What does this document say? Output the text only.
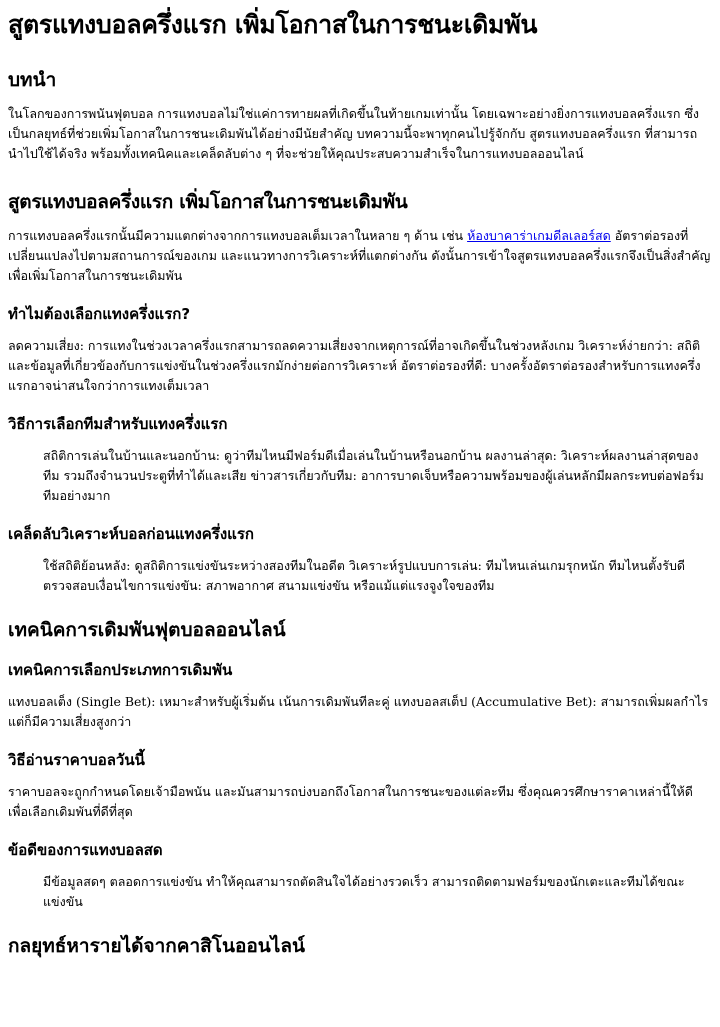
สูตรแทงบอลครึ่งแรก เพิ่มโอกาสในการชนะเดิมพัน
บทนำ

ในโลกของการพนันฟุตบอล การแทงบอลไม่ใช่แค่การทายผลที่เกิดขึ้นในท้ายเกมเท่านั้น โดยเฉพาะอย่างยิ่งการแทงบอลครึ่งแรก ซึ่งเป็นกลยุทธ์ที่ช่วยเพิ่มโอกาสในการชนะเดิมพันได้อย่างมีนัยสำคัญ บทความนี้จะพาทุกคนไปรู้จักกับ สูตรแทงบอลครึ่งแรก ที่สามารถนำไปใช้ได้จริง พร้อมทั้งเทคนิคและเคล็ดลับต่าง ๆ ที่จะช่วยให้คุณประสบความสำเร็จในการแทงบอลออนไลน์

สูตรแทงบอลครึ่งแรก เพิ่มโอกาสในการชนะเดิมพัน

การแทงบอลครึ่งแรกนั้นมีความแตกต่างจากการแทงบอลเต็มเวลาในหลาย ๆ ด้าน เช่น ห้องบาคาร่าเกมดีลเลอร์สด อัตราต่อรองที่เปลี่ยนแปลงไปตามสถานการณ์ของเกม และแนวทางการวิเคราะห์ที่แตกต่างกัน ดังนั้นการเข้าใจสูตรแทงบอลครึ่งแรกจึงเป็นสิ่งสำคัญ เพื่อเพิ่มโอกาสในการชนะเดิมพัน

ทำไมต้องเลือกแทงครึ่งแรก?

ลดความเสี่ยง: การแทงในช่วงเวลาครึ่งแรกสามารถลดความเสี่ยงจากเหตุการณ์ที่อาจเกิดขึ้นในช่วงหลังเกม วิเคราะห์ง่ายกว่า: สถิติและข้อมูลที่เกี่ยวข้องกับการแข่งขันในช่วงครึ่งแรกมักง่ายต่อการวิเคราะห์ อัตราต่อรองที่ดี: บางครั้งอัตราต่อรองสำหรับการแทงครึ่งแรกอาจน่าสนใจกว่าการแทงเต็มเวลา

วิธีการเลือกทีมสำหรับแทงครึ่งแรก
สถิติการเล่นในบ้านและนอกบ้าน: ดูว่าทีมไหนมีฟอร์มดีเมื่อเล่นในบ้านหรือนอกบ้าน ผลงานล่าสุด: วิเคราะห์ผลงานล่าสุดของทีม รวมถึงจำนวนประตูที่ทำได้และเสีย ข่าวสารเกี่ยวกับทีม: อาการบาดเจ็บหรือความพร้อมของผู้เล่นหลักมีผลกระทบต่อฟอร์มทีมอย่างมาก
เคล็ดลับวิเคราะห์บอลก่อนแทงครึ่งแรก
ใช้สถิติย้อนหลัง: ดูสถิติการแข่งขันระหว่างสองทีมในอดีต วิเคราะห์รูปแบบการเล่น: ทีมไหนเล่นเกมรุกหนัก ทีมไหนตั้งรับดี ตรวจสอบเงื่อนไขการแข่งขัน: สภาพอากาศ สนามแข่งขัน หรือแม้แต่แรงจูงใจของทีม
เทคนิคการเดิมพันฟุตบอลออนไลน์
เทคนิคการเลือกประเภทการเดิมพัน

แทงบอลเต็ง (Single Bet): เหมาะสำหรับผู้เริ่มต้น เน้นการเดิมพันทีละคู่ แทงบอลสเต็ป (Accumulative Bet): สามารถเพิ่มผลกำไร แต่ก็มีความเสี่ยงสูงกว่า

วิธีอ่านราคาบอลวันนี้

ราคาบอลจะถูกกำหนดโดยเจ้ามือพนัน และมันสามารถบ่งบอกถึงโอกาสในการชนะของแต่ละทีม ซึ่งคุณควรศึกษาราคาเหล่านี้ให้ดีเพื่อเลือกเดิมพันที่ดีที่สุด

ข้อดีของการแทงบอลสด
มีข้อมูลสดๆ ตลอดการแข่งขัน ทำให้คุณสามารถตัดสินใจได้อย่างรวดเร็ว สามารถติดตามฟอร์มของนักเตะและทีมได้ขณะแข่งขัน
กลยุทธ์หารายได้จากคาสิโนออนไลน์
